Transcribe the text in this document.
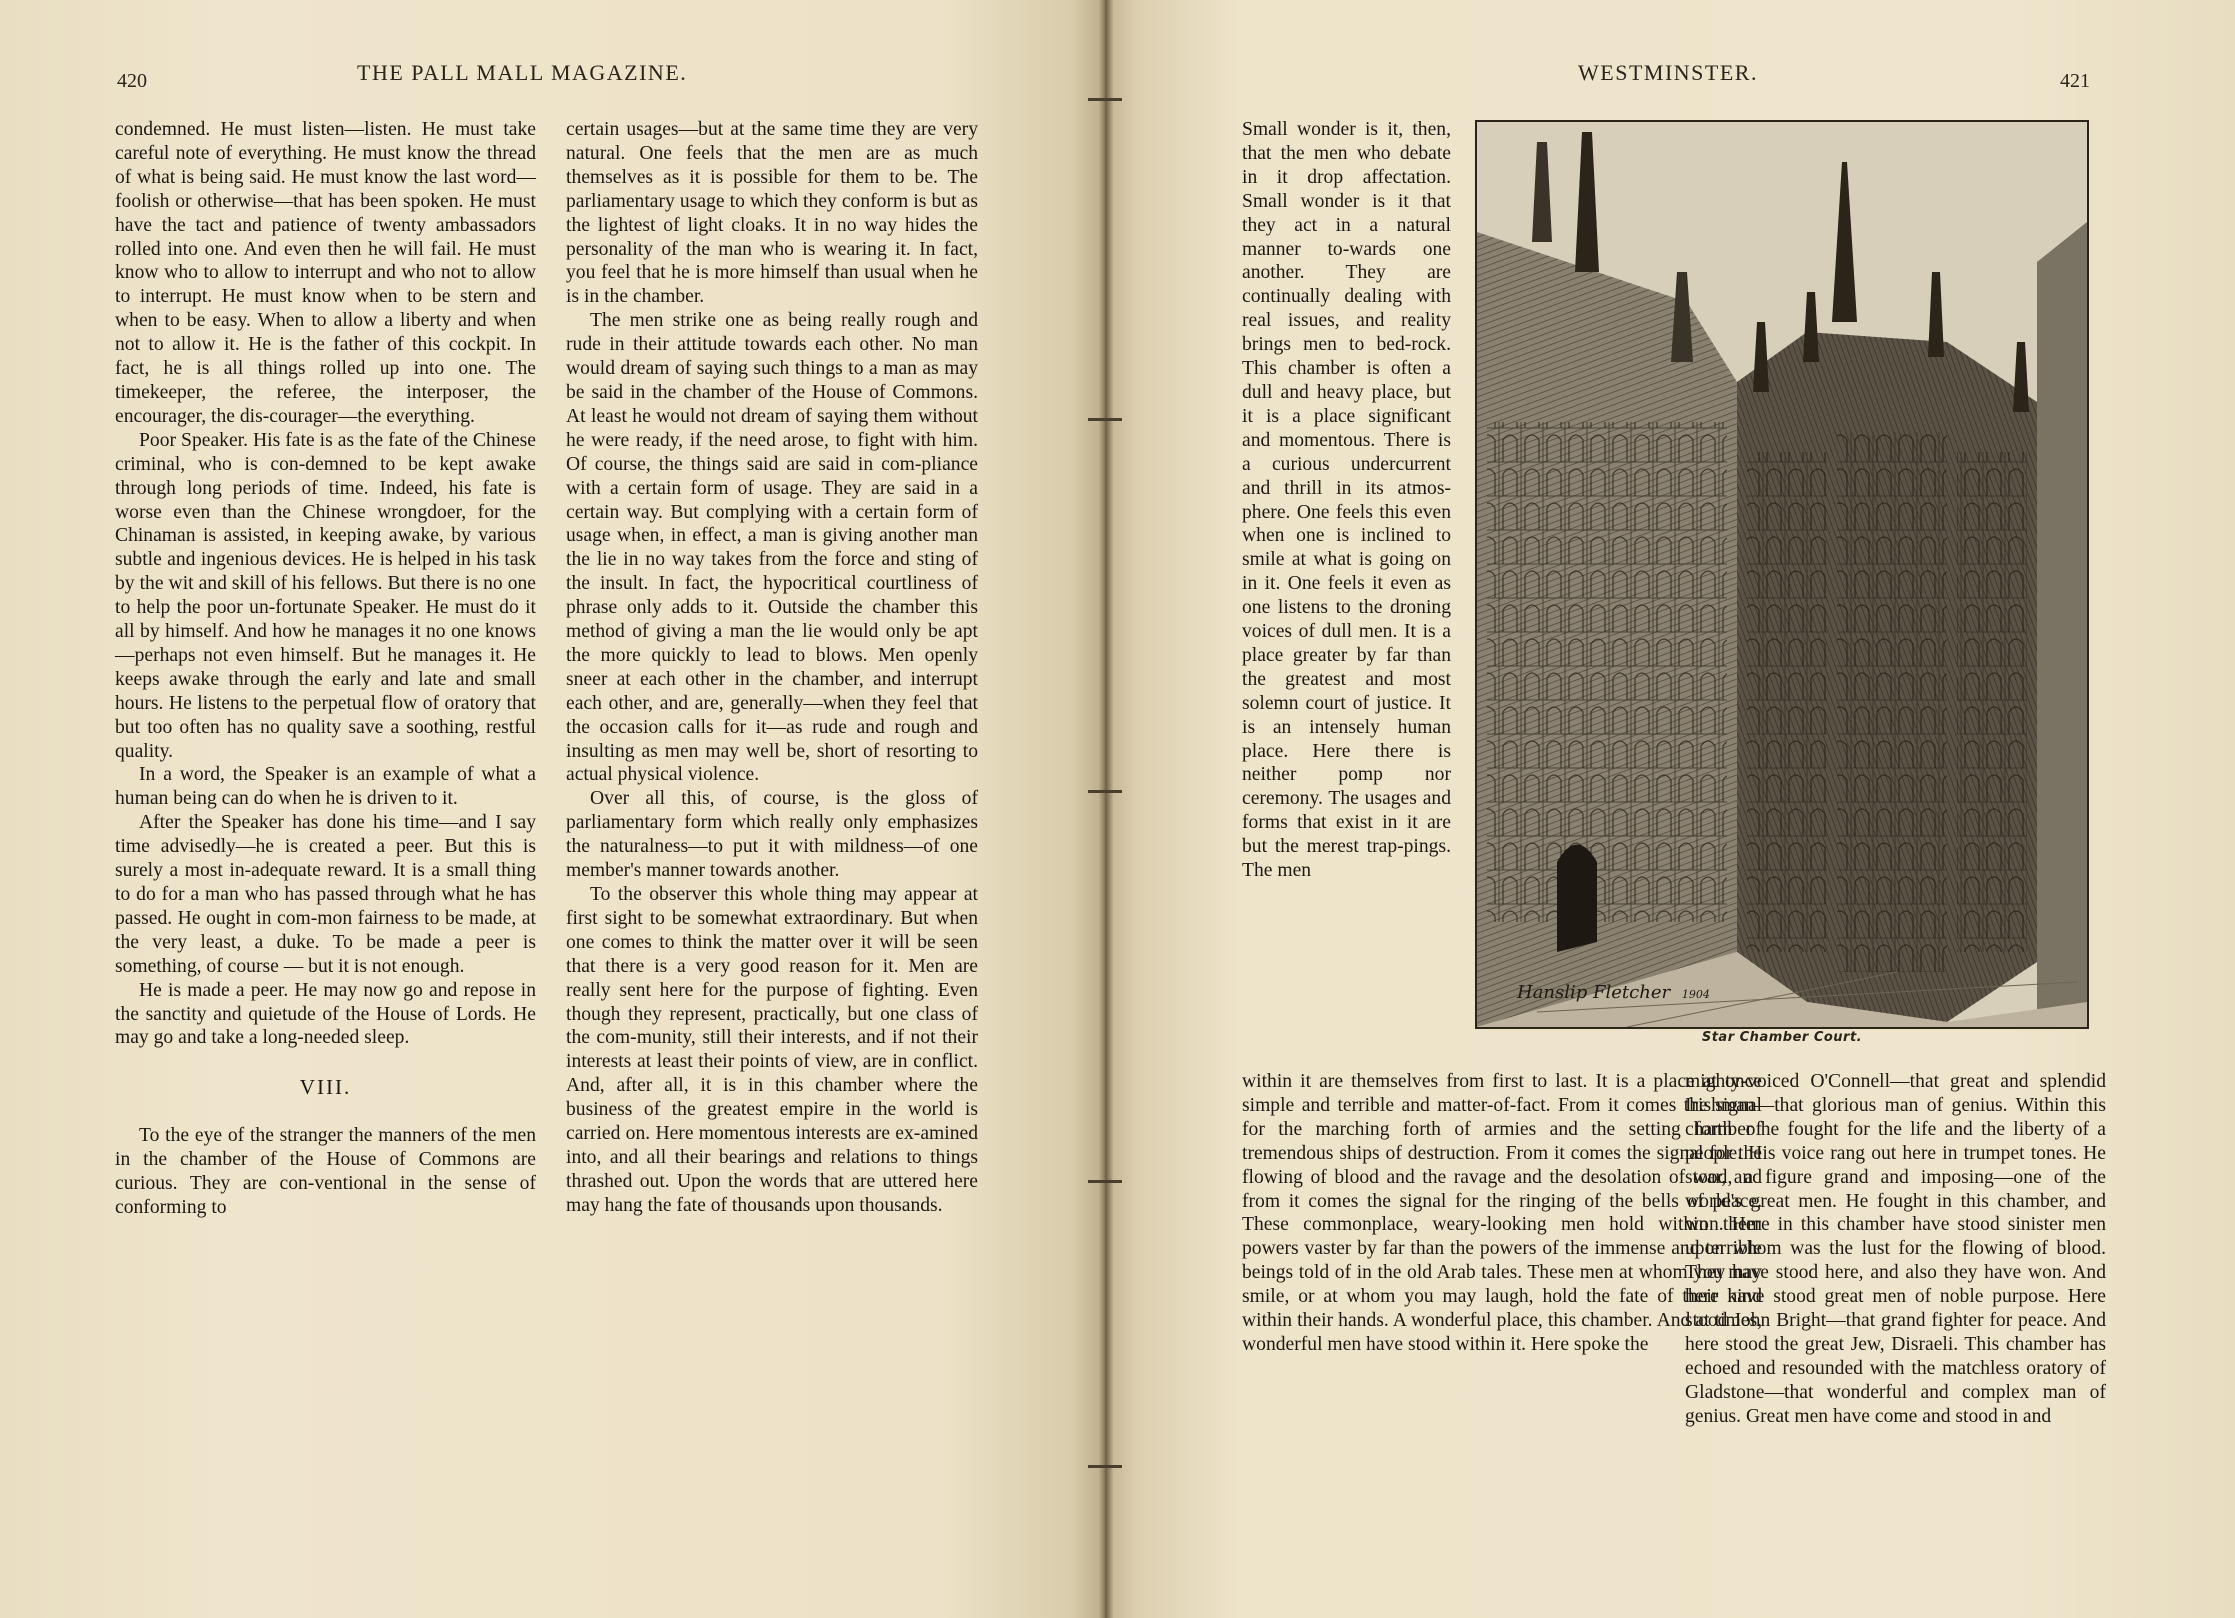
420	THE PALL MALL MAGAZINE.

condemned. He must listen—listen. He must take careful note of everything. He must know the thread of what is being said. He must know the last word—foolish or otherwise—that has been spoken. He must have the tact and patience of twenty ambassadors rolled into one. And even then he will fail. He must know who to allow to interrupt and who not to allow to interrupt. He must know when to be stern and when to be easy. When to allow a liberty and when not to allow it. He is the father of this cockpit. In fact, he is all things rolled up into one. The timekeeper, the referee, the interposer, the encourager, the dis-courager—the everything.

Poor Speaker. His fate is as the fate of the Chinese criminal, who is con-demned to be kept awake through long periods of time. Indeed, his fate is worse even than the Chinese wrongdoer, for the Chinaman is assisted, in keeping awake, by various subtle and ingenious devices. He is helped in his task by the wit and skill of his fellows. But there is no one to help the poor un-fortunate Speaker. He must do it all by himself. And how he manages it no one knows—perhaps not even himself. But he manages it. He keeps awake through the early and late and small hours. He listens to the perpetual flow of oratory that but too often has no quality save a soothing, restful quality.

In a word, the Speaker is an example of what a human being can do when he is driven to it.

After the Speaker has done his time—and I say time advisedly—he is created a peer. But this is surely a most in-adequate reward. It is a small thing to do for a man who has passed through what he has passed. He ought in com-mon fairness to be made, at the very least, a duke. To be made a peer is something, of course — but it is not enough.

He is made a peer. He may now go and repose in the sanctity and quietude of the House of Lords. He may go and take a long-needed sleep.

VIII.

To the eye of the stranger the manners of the men in the chamber of the House of Commons are curious. They are con-ventional in the sense of conforming to

certain usages—but at the same time they are very natural. One feels that the men are as much themselves as it is possible for them to be. The parliamentary usage to which they conform is but as the lightest of light cloaks. It in no way hides the personality of the man who is wearing it. In fact, you feel that he is more himself than usual when he is in the chamber.

The men strike one as being really rough and rude in their attitude towards each other. No man would dream of saying such things to a man as may be said in the chamber of the House of Commons. At least he would not dream of saying them without he were ready, if the need arose, to fight with him. Of course, the things said are said in com-pliance with a certain form of usage. They are said in a certain way. But complying with a certain form of usage when, in effect, a man is giving another man the lie in no way takes from the force and sting of the insult. In fact, the hypocritical courtliness of phrase only adds to it. Outside the chamber this method of giving a man the lie would only be apt the more quickly to lead to blows. Men openly sneer at each other in the chamber, and interrupt each other, and are, generally—when they feel that the occasion calls for it—as rude and rough and insulting as men may well be, short of resorting to actual physical violence.

Over all this, of course, is the gloss of parliamentary form which really only emphasizes the naturalness—to put it with mildness—of one member's manner towards another.

To the observer this whole thing may appear at first sight to be somewhat extraordinary. But when one comes to think the matter over it will be seen that there is a very good reason for it. Men are really sent here for the purpose of fighting. Even though they represent, practically, but one class of the com-munity, still their interests, and if not their interests at least their points of view, are in conflict. And, after all, it is in this chamber where the business of the greatest empire in the world is carried on. Here momentous interests are ex-amined into, and all their bearings and relations to things thrashed out. Upon the words that are uttered here may hang the fate of thousands upon thousands.

WESTMINSTER.	421

Small wonder is it, then, that the men who debate in it drop affectation. Small wonder is it that they act in a natural manner to-wards one another. They are continually dealing with real issues, and reality brings men to bed-rock. This chamber is often a dull and heavy place, but it is a place significant and momentous. There is a curious undercurrent and thrill in its atmos-phere. One feels this even when one is inclined to smile at what is going on in it. One feels it even as one listens to the droning voices of dull men. It is a place greater by far than the greatest and most solemn court of justice. It is an intensely human place. Here there is neither pomp nor ceremony. The usages and forms that exist in it are but the merest trap-pings. The men

within it are themselves from first to last. It is a place at once simple and terrible and matter-of-fact. From it comes the signal for the marching forth of armies and the setting forth of tremendous ships of destruction. From it comes the signal for the flowing of blood and the ravage and the desolation of war, and from it comes the signal for the ringing of the bells of peace. These commonplace, weary-looking men hold within them powers vaster by far than the powers of the immense and terrible beings told of in the old Arab tales. These men at whom you may smile, or at whom you may laugh, hold the fate of their kind within their hands. A wonderful place, this chamber. And at times, wonderful men have stood within it. Here spoke the

mighty-voiced O'Connell—that great and splendid Irishman—that glorious man of genius. Within this chamber he fought for the life and the liberty of a people. His voice rang out here in trumpet tones. He stood, a figure grand and imposing—one of the world's great men. He fought in this chamber, and won. Here in this chamber have stood sinister men upon whom was the lust for the flowing of blood. They have stood here, and also they have won. And here have stood great men of noble purpose. Here stood John Bright—that grand fighter for peace. And here stood the great Jew, Disraeli. This chamber has echoed and resounded with the matchless oratory of Gladstone—that wonderful and complex man of genius. Great men have come and stood in and

Hanslip Fletcher 1904
Star Chamber Court.
